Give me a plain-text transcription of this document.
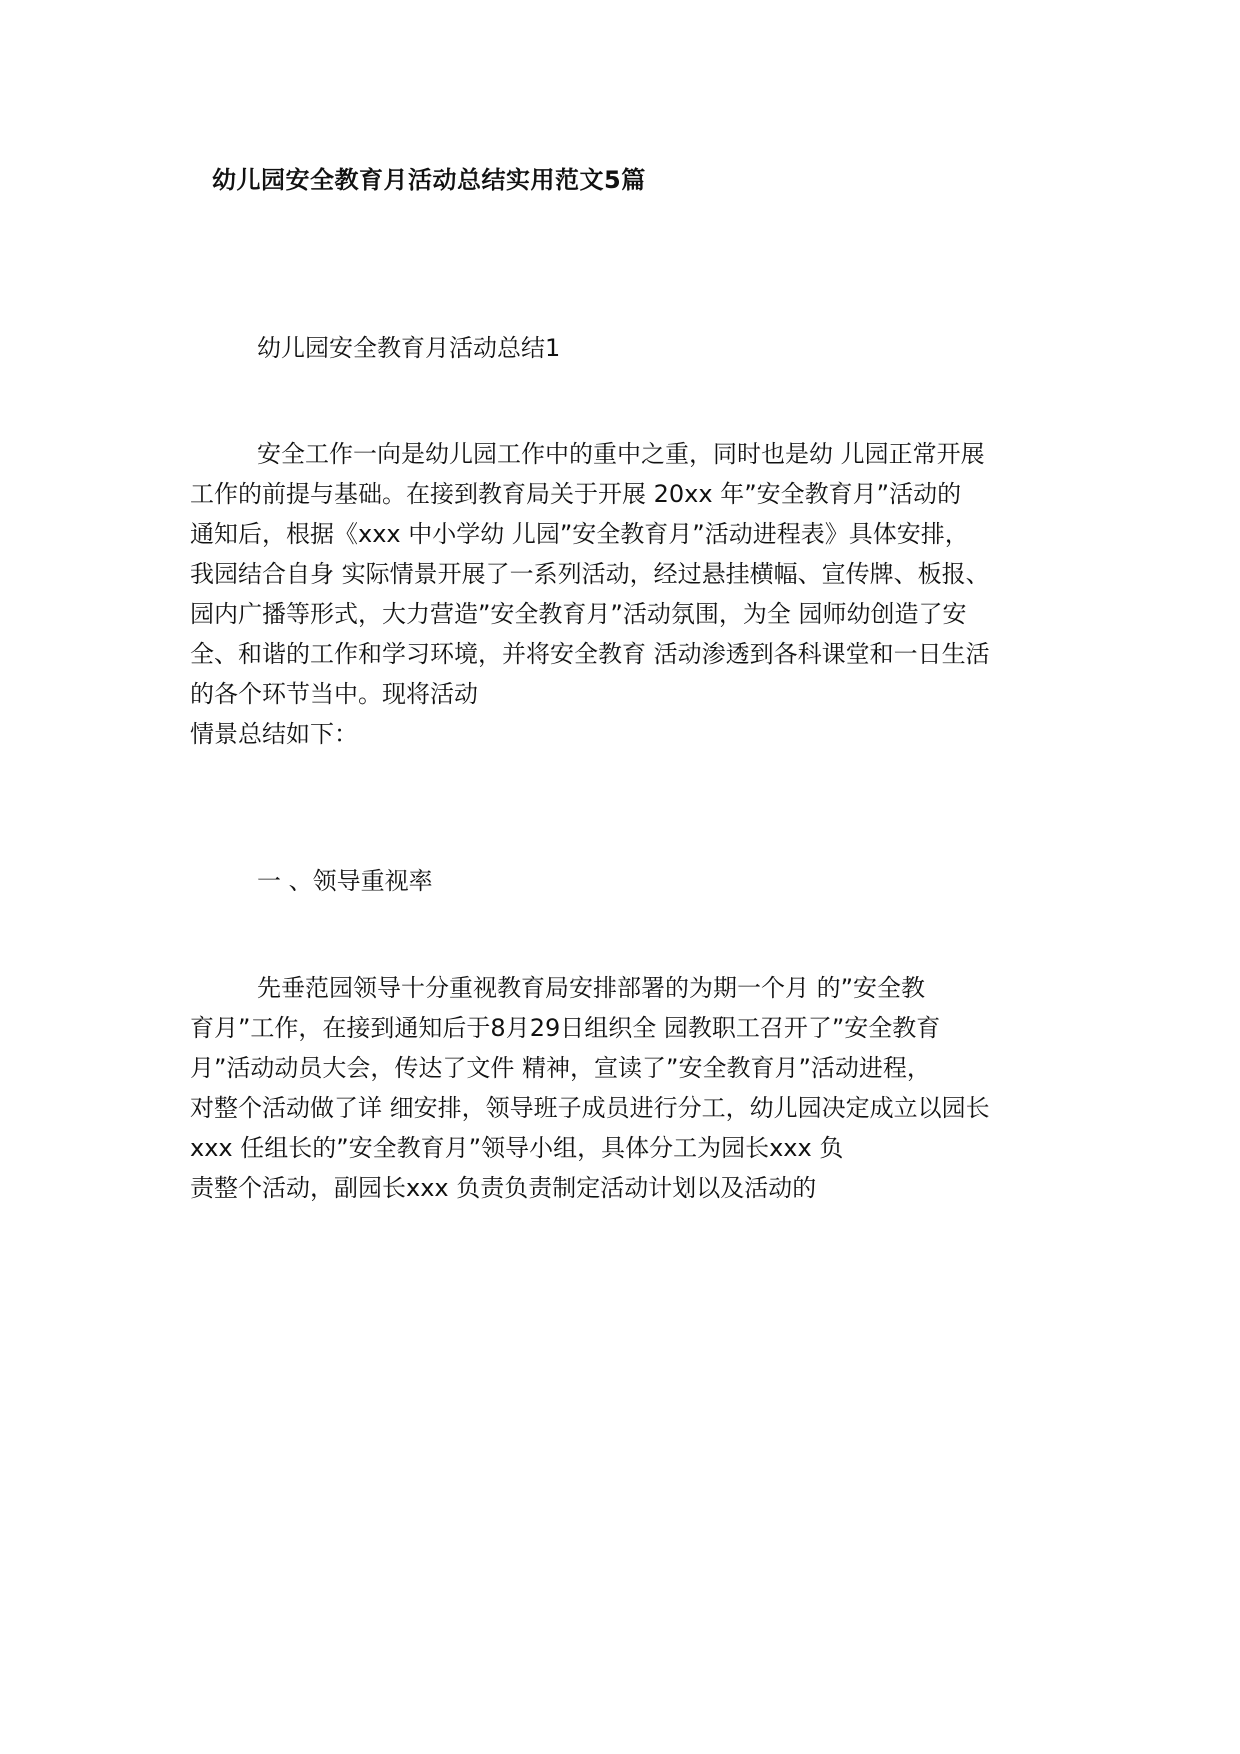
幼儿园安全教育月活动总结实用范文5篇
幼儿园安全教育月活动总结1
安全工作一向是幼儿园工作中的重中之重，同时也是幼 儿园正常开展
工作的前提与基础。在接到教育局关于开展 20xx 年”安全教育月”活动的
通知后，根据《xxx 中小学幼 儿园”安全教育月”活动进程表》具体安排，
我园结合自身 实际情景开展了一系列活动，经过悬挂横幅、宣传牌、板报、
园内广播等形式，大力营造”安全教育月”活动氛围，为全 园师幼创造了安
全、和谐的工作和学习环境，并将安全教育 活动渗透到各科课堂和一日生活
的各个环节当中。现将活动
情景总结如下：
一 、领导重视率
先垂范园领导十分重视教育局安排部署的为期一个月 的”安全教
育月”工作，在接到通知后于8月29日组织全 园教职工召开了”安全教育
月”活动动员大会，传达了文件 精神，宣读了”安全教育月”活动进程，
对整个活动做了详 细安排，领导班子成员进行分工，幼儿园决定成立以园长
xxx 任组长的”安全教育月”领导小组，具体分工为园长xxx 负
责整个活动，副园长xxx 负责负责制定活动计划以及活动的
